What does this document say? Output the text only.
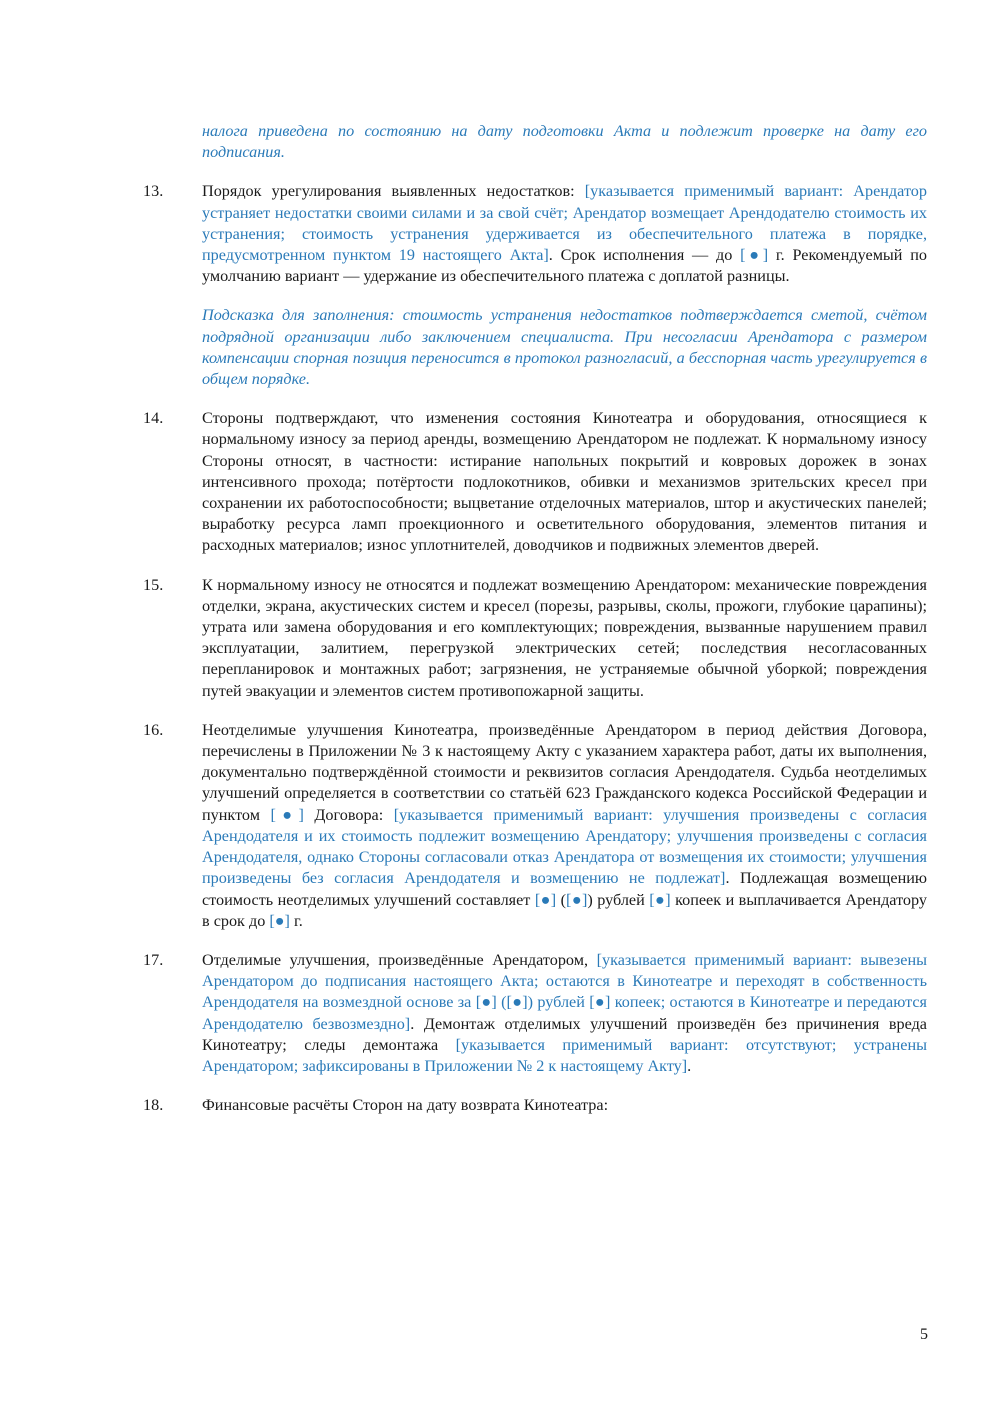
налога приведена по состоянию на дату подготовки Акта и подлежит проверке на дату его подписания.

13.	Порядок урегулирования выявленных недостатков: [указывается применимый вариант: Арендатор устраняет недостатки своими силами и за свой счёт; Арендатор возмещает Арендодателю стоимость их устранения; стоимость устранения удерживается из обеспечительного платежа в порядке, предусмотренном пунктом 19 настоящего Акта]. Срок исполнения — до [●] г. Рекомендуемый по умолчанию вариант — удержание из обеспечительного платежа с доплатой разницы.

Подсказка для заполнения: стоимость устранения недостатков подтверждается сметой, счётом подрядной организации либо заключением специалиста. При несогласии Арендатора с размером компенсации спорная позиция переносится в протокол разногласий, а бесспорная часть урегулируется в общем порядке.

14.	Стороны подтверждают, что изменения состояния Кинотеатра и оборудования, относящиеся к нормальному износу за период аренды, возмещению Арендатором не подлежат. К нормальному износу Стороны относят, в частности: истирание напольных покрытий и ковровых дорожек в зонах интенсивного прохода; потёртости подлокотников, обивки и механизмов зрительских кресел при сохранении их работоспособности; выцветание отделочных материалов, штор и акустических панелей; выработку ресурса ламп проекционного и осветительного оборудования, элементов питания и расходных материалов; износ уплотнителей, доводчиков и подвижных элементов дверей.

15.	К нормальному износу не относятся и подлежат возмещению Арендатором: механические повреждения отделки, экрана, акустических систем и кресел (порезы, разрывы, сколы, прожоги, глубокие царапины); утрата или замена оборудования и его комплектующих; повреждения, вызванные нарушением правил эксплуатации, залитием, перегрузкой электрических сетей; последствия несогласованных перепланировок и монтажных работ; загрязнения, не устраняемые обычной уборкой; повреждения путей эвакуации и элементов систем противопожарной защиты.

16.	Неотделимые улучшения Кинотеатра, произведённые Арендатором в период действия Договора, перечислены в Приложении № 3 к настоящему Акту с указанием характера работ, даты их выполнения, документально подтверждённой стоимости и реквизитов согласия Арендодателя. Судьба неотделимых улучшений определяется в соответствии со статьёй 623 Гражданского кодекса Российской Федерации и пунктом [●] Договора: [указывается применимый вариант: улучшения произведены с согласия Арендодателя и их стоимость подлежит возмещению Арендатору; улучшения произведены с согласия Арендодателя, однако Стороны согласовали отказ Арендатора от возмещения их стоимости; улучшения произведены без согласия Арендодателя и возмещению не подлежат]. Подлежащая возмещению стоимость неотделимых улучшений составляет [●] ([●]) рублей [●] копеек и выплачивается Арендатору в срок до [●] г.

17.	Отделимые улучшения, произведённые Арендатором, [указывается применимый вариант: вывезены Арендатором до подписания настоящего Акта; остаются в Кинотеатре и переходят в собственность Арендодателя на возмездной основе за [●] ([●]) рублей [●] копеек; остаются в Кинотеатре и передаются Арендодателю безвозмездно]. Демонтаж отделимых улучшений произведён без причинения вреда Кинотеатру; следы демонтажа [указывается применимый вариант: отсутствуют; устранены Арендатором; зафиксированы в Приложении № 2 к настоящему Акту].

18.	Финансовые расчёты Сторон на дату возврата Кинотеатра:

5
